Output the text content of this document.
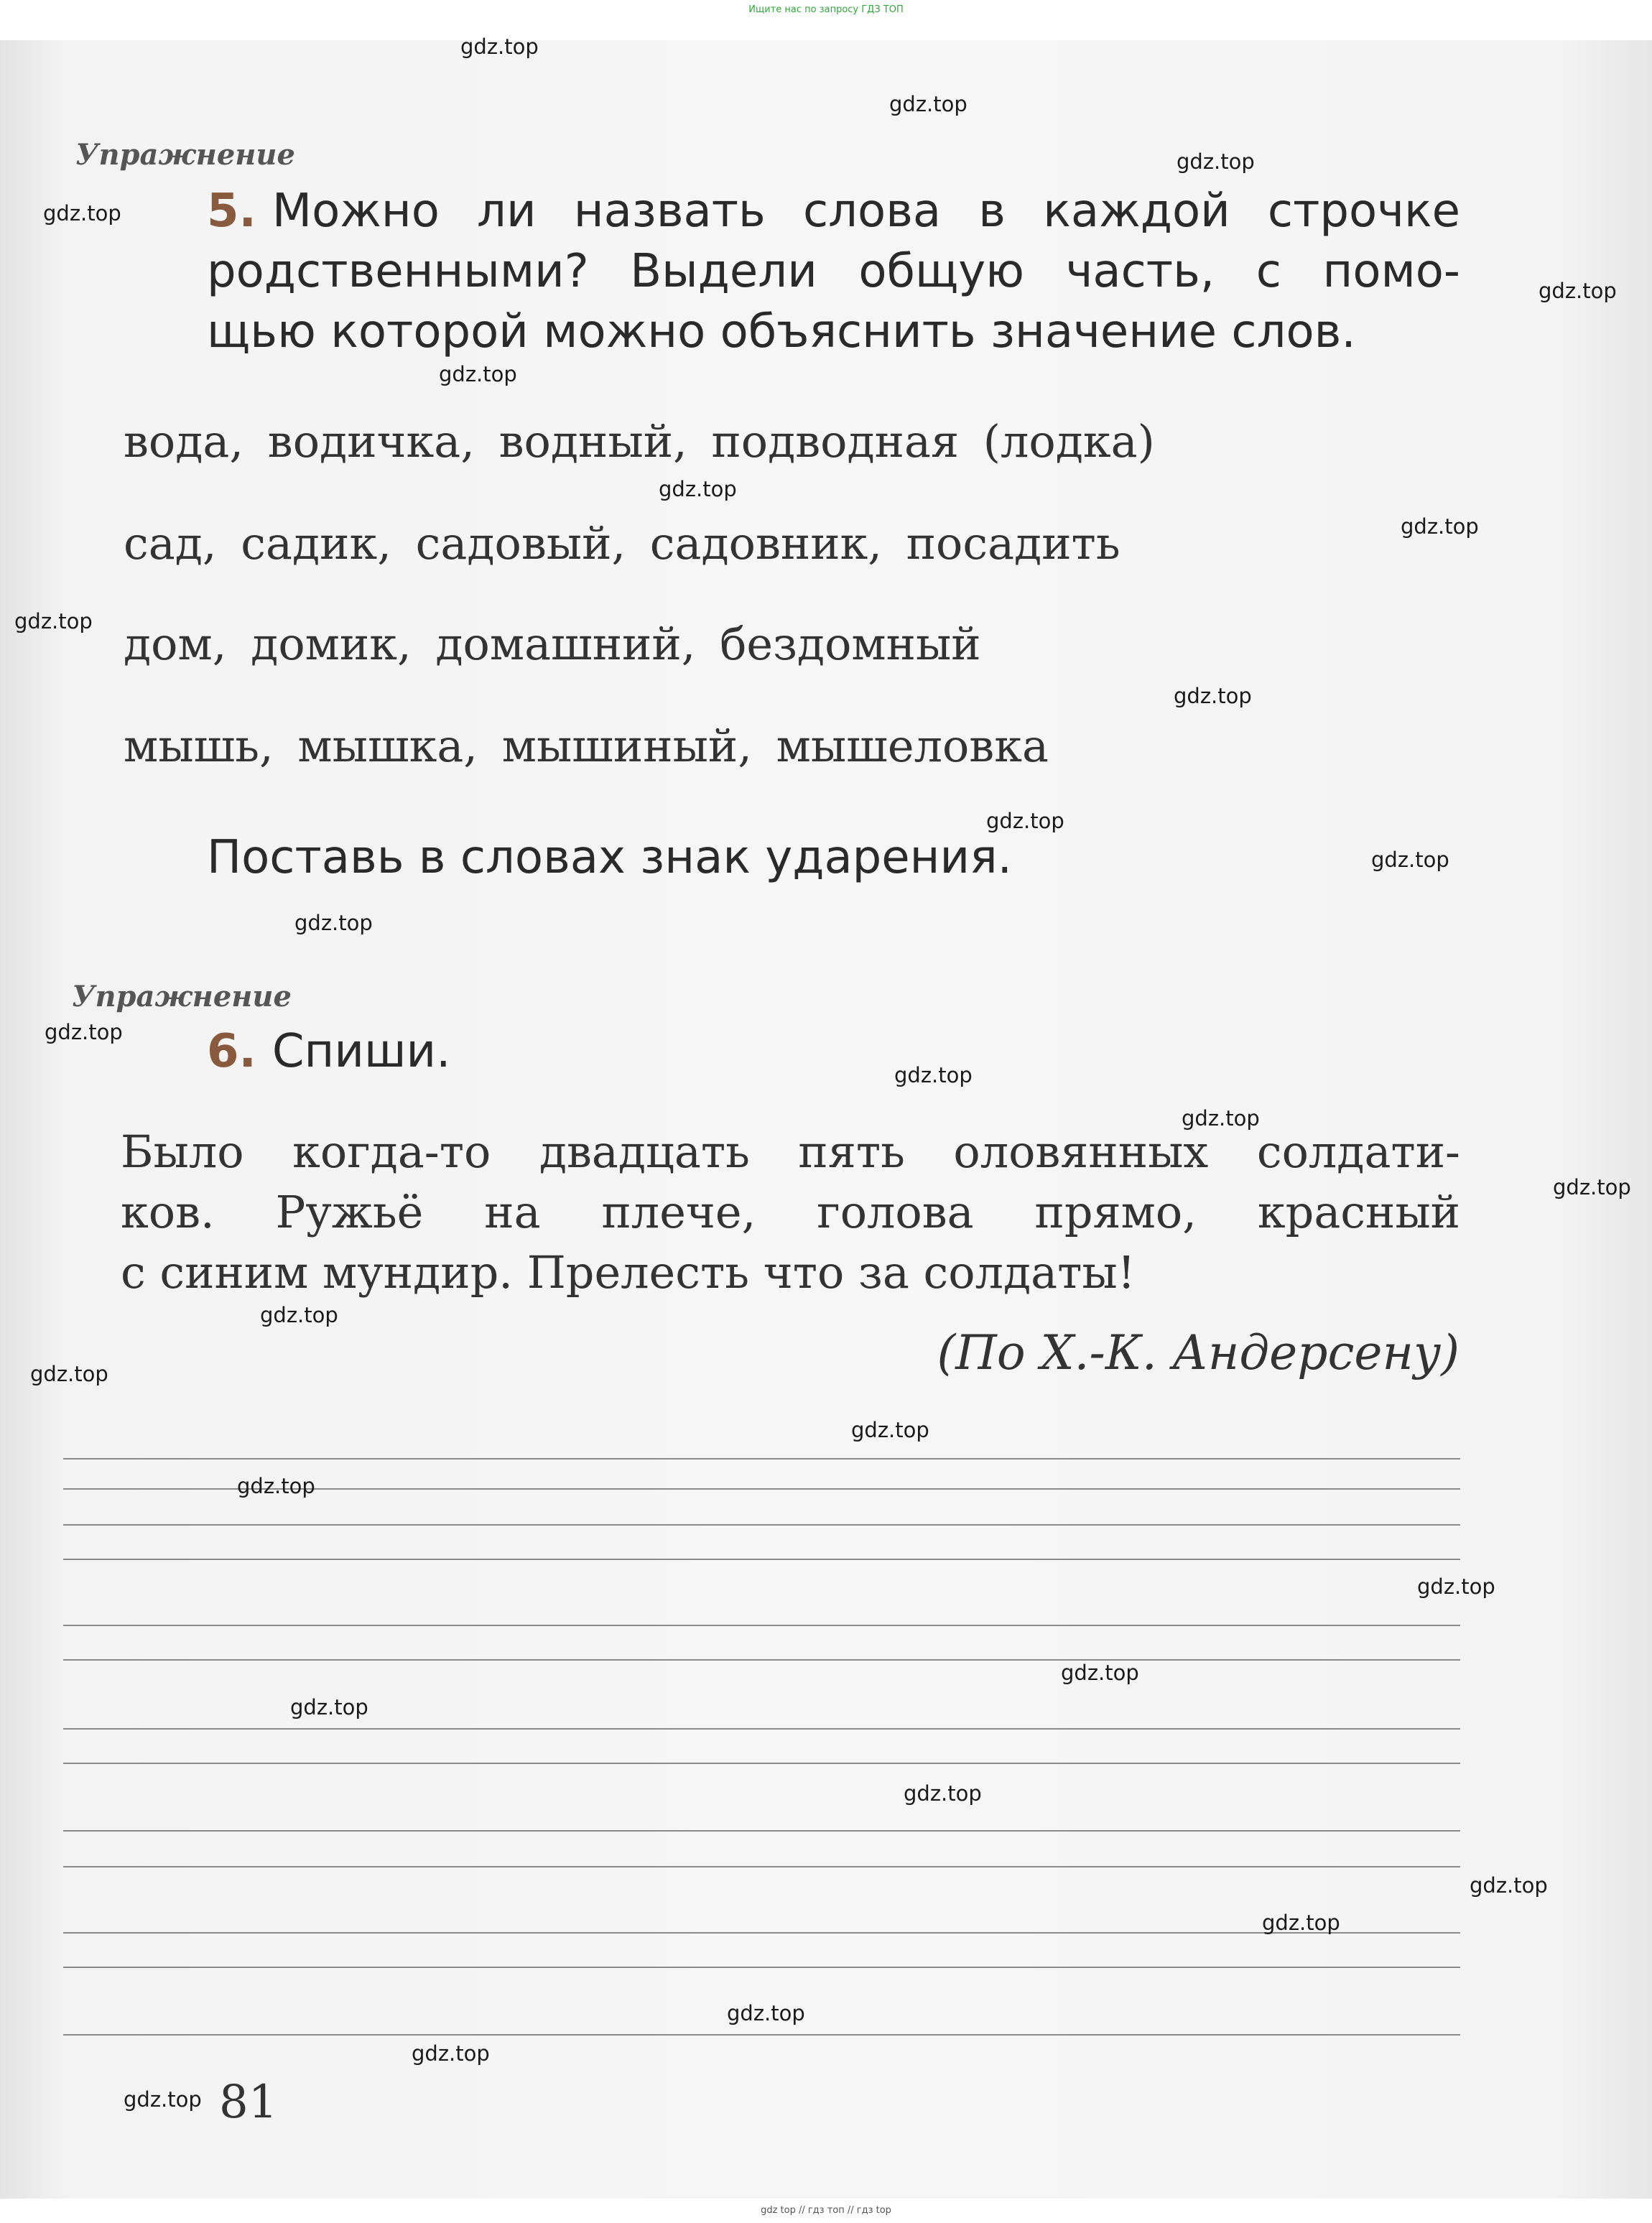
Ищите нас по запросу ГДЗ ТОП
Упражнение
5. Можно ли назвать слова в каждой строчке
родственными? Выдели общую часть, с помо-
щью которой можно объяснить значение слов.
вода, водичка, водный, подводная (лодка)
сад, садик, садовый, садовник, посадить
дом, домик, домашний, бездомный
мышь, мышка, мышиный, мышеловка
Поставь в словах знак ударения.
Упражнение
6. Спиши.
Было когда-то двадцать пять оловянных солдати-
ков. Ружьё на плече, голова прямо, красный
с синим мундир. Прелесть что за солдаты!
(По Х.-К. Андерсену)
81
gdz.top
gdz.top
gdz.top
gdz.top
gdz.top
gdz.top
gdz.top
gdz.top
gdz.top
gdz.top
gdz.top
gdz.top
gdz.top
gdz.top
gdz.top
gdz.top
gdz.top
gdz.top
gdz.top
gdz.top
gdz.top
gdz.top
gdz.top
gdz.top
gdz.top
gdz.top
gdz.top
gdz.top
gdz.top
gdz.top
gdz top // гдз топ // гдз top
